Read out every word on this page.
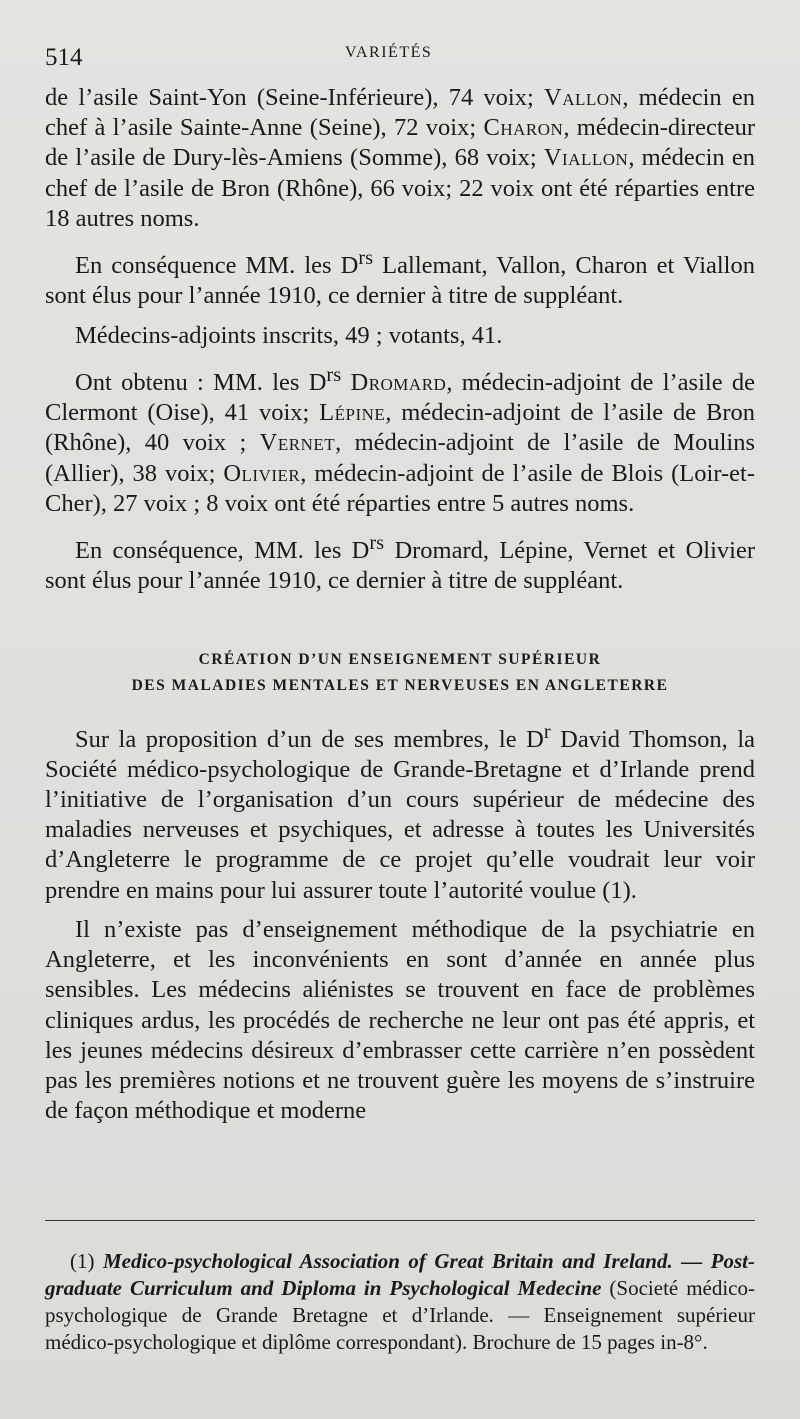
514	VARIÉTÉS

de l’asile Saint-Yon (Seine-Inférieure), 74 voix; Vallon, médecin en chef à l’asile Sainte-Anne (Seine), 72 voix; Charon, médecin-directeur de l’asile de Dury-lès-Amiens (Somme), 68 voix; Viallon, médecin en chef de l’asile de Bron (Rhône), 66 voix; 22 voix ont été réparties entre 18 autres noms.

En conséquence MM. les $D^{rs}$ Lallemant, Vallon, Charon et Viallon sont élus pour l’année 1910, ce dernier à titre de suppléant.

Médecins-adjoints inscrits, 49 ; votants, 41.

Ont obtenu : MM. les $D^{rs}$ Dromard, médecin-adjoint de l’asile de Clermont (Oise), 41 voix; Lépine, médecin-adjoint de l’asile de Bron (Rhône), 40 voix ; Vernet, médecin-adjoint de l’asile de Moulins (Allier), 38 voix; Olivier, médecin-adjoint de l’asile de Blois (Loir-et-Cher), 27 voix ; 8 voix ont été réparties entre 5 autres noms.

En conséquence, MM. les $D^{rs}$ Dromard, Lépine, Vernet et Olivier sont élus pour l’année 1910, ce dernier à titre de suppléant.

CRÉATION D’UN ENSEIGNEMENT SUPÉRIEUR
DES MALADIES MENTALES ET NERVEUSES EN ANGLETERRE

Sur la proposition d’un de ses membres, le $D^r$ David Thomson, la Société médico-psychologique de Grande-Bretagne et d’Irlande prend l’initiative de l’organisation d’un cours supérieur de médecine des maladies nerveuses et psychiques, et adresse à toutes les Universités d’Angleterre le programme de ce projet qu’elle voudrait leur voir prendre en mains pour lui assurer toute l’autorité voulue (1).

Il n’existe pas d’enseignement méthodique de la psychiatrie en Angleterre, et les inconvénients en sont d’année en année plus sensibles. Les médecins aliénistes se trouvent en face de problèmes cliniques ardus, les procédés de recherche ne leur ont pas été appris, et les jeunes médecins désireux d’embrasser cette carrière n’en possèdent pas les premières notions et ne trouvent guère les moyens de s’instruire de façon méthodique et moderne

(1) Medico-psychological Association of Great Britain and Ireland. — Post-graduate Curriculum and Diploma in Psychological Medecine (Societé médico-psychologique de Grande Bretagne et d’Irlande. — Enseignement supérieur médico-psychologique et diplôme correspondant). Brochure de 15 pages in-8°.
